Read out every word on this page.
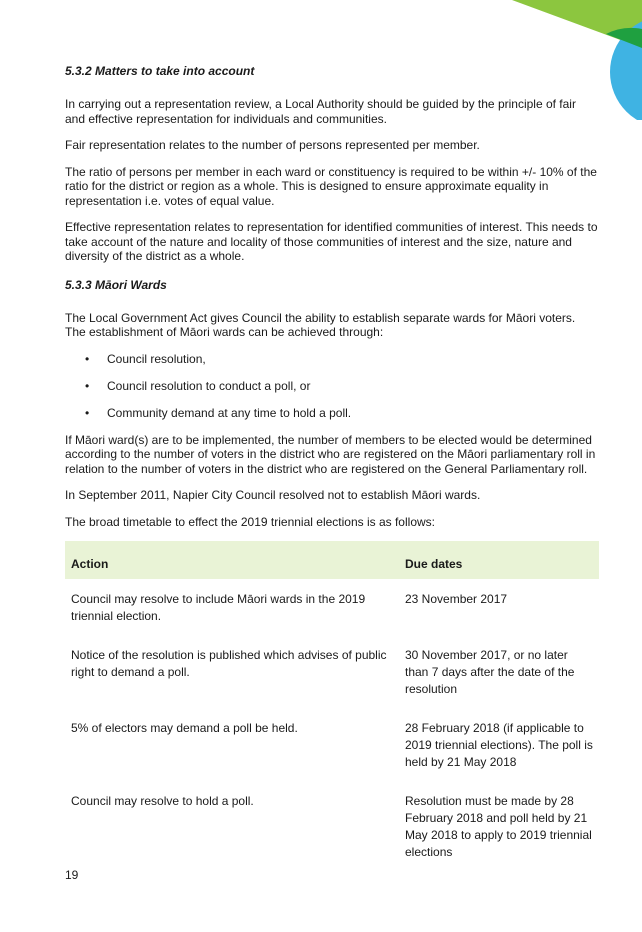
5.3.2 Matters to take into account

In carrying out a representation review, a Local Authority should be guided by the principle of fair and effective representation for individuals and communities.

Fair representation relates to the number of persons represented per member.

The ratio of persons per member in each ward or constituency is required to be within +/- 10% of the ratio for the district or region as a whole. This is designed to ensure approximate equality in representation i.e. votes of equal value.

Effective representation relates to representation for identified communities of interest. This needs to take account of the nature and locality of those communities of interest and the size, nature and diversity of the district as a whole.

5.3.3 Māori Wards

The Local Government Act gives Council the ability to establish separate wards for Māori voters. The establishment of Māori wards can be achieved through:

• Council resolution,
• Council resolution to conduct a poll, or
• Community demand at any time to hold a poll.

If Māori ward(s) are to be implemented, the number of members to be elected would be determined according to the number of voters in the district who are registered on the Māori parliamentary roll in relation to the number of voters in the district who are registered on the General Parliamentary roll.

In September 2011, Napier City Council resolved not to establish Māori wards.

The broad timetable to effect the 2019 triennial elections is as follows:

Action	Due dates
Council may resolve to include Māori wards in the 2019 triennial election.	23 November 2017
Notice of the resolution is published which advises of public right to demand a poll.	30 November 2017, or no later than 7 days after the date of the resolution
5% of electors may demand a poll be held.	28 February 2018 (if applicable to 2019 triennial elections). The poll is held by 21 May 2018
Council may resolve to hold a poll.	Resolution must be made by 28 February 2018 and poll held by 21 May 2018 to apply to 2019 triennial elections
19
